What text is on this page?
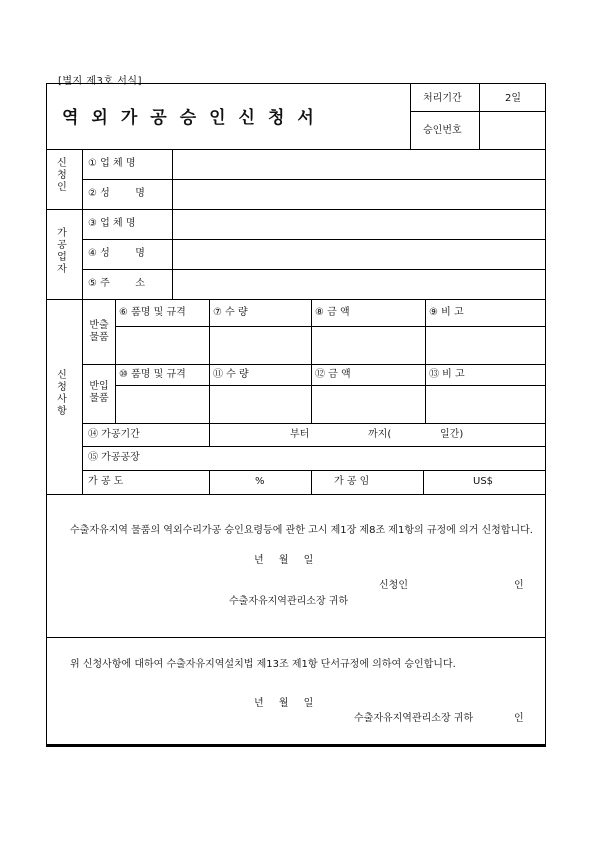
[별지 제3호 서식]
역외가공승인신청서
처리기간	2일
승인번호
신
청
인
① 업 체 명
② 성        명
가
공
업
자
③ 업 체 명
④ 성        명
⑤ 주        소
신
청
사
항
반출
물품
반입
물품
⑥ 품명 및 규격	⑦ 수 량	⑧ 금 액	⑨ 비 고
⑩ 품명 및 규격	⑪ 수 량	⑫ 금 액	⑬ 비 고
⑭ 가공기간	부터	까지(	일간)
⑮ 가공공장
가 공 도	%	가 공 임	US$
수출자유지역 물품의 역외수리가공 승인요령등에 관한 고시 제1장 제8조 제1항의 규정에 의거 신청합니다.
년 월 일
신청인	인
수출자유지역관리소장 귀하
위 신청사항에 대하여 수출자유지역설치법 제13조 제1항 단서규정에 의하여 승인합니다.
년 월 일
수출자유지역관리소장 귀하	인
